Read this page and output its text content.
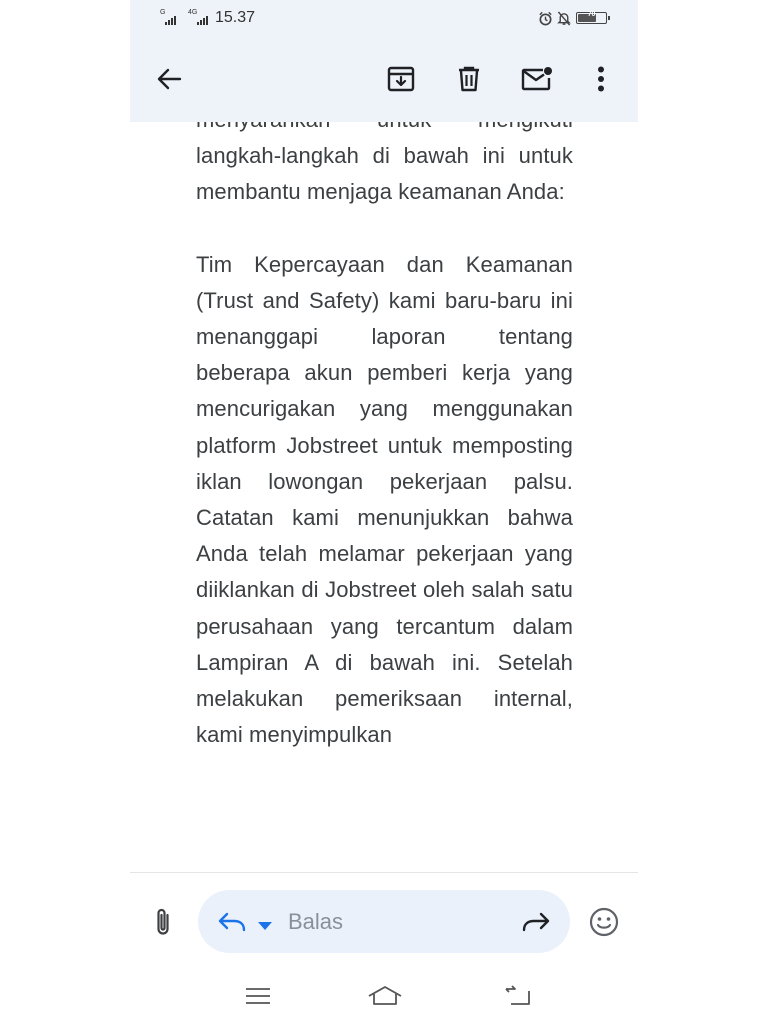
G	4G 15.37	70

langkah-langkah di bawah ini untuk membantu menjaga keamanan Anda:

Tim Kepercayaan dan Keamanan (Trust and Safety) kami baru-baru ini menanggapi laporan tentang beberapa akun pemberi kerja yang mencurigakan yang menggunakan platform Jobstreet untuk memposting iklan lowongan pekerjaan palsu. Catatan kami menunjukkan bahwa Anda telah melamar pekerjaan yang diiklankan di Jobstreet oleh salah satu perusahaan yang tercantum dalam Lampiran A di bawah ini. Setelah melakukan pemeriksaan internal, kami menyimpulkan

Balas
